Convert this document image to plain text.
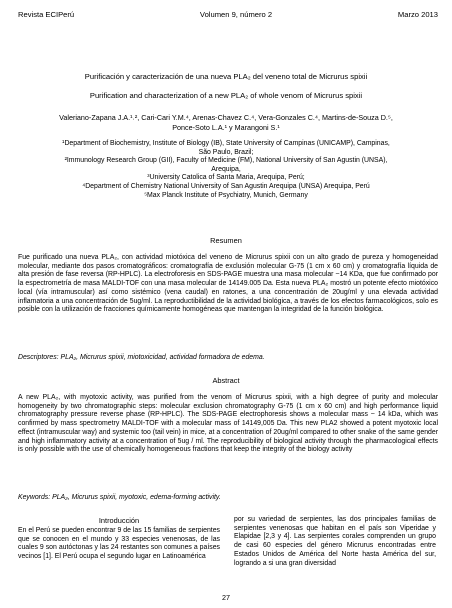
Revista ECIPerú	Volumen 9, número 2	Marzo 2013
Purificación y caracterización de una nueva PLA₂ del veneno total de Micrurus spixii
Purification and characterization of a new PLA₂ of whole venom of Micrurus spixii
Valeriano-Zapana J.A.¹˒², Cari-Cari Y.M.⁴, Arenas-Chavez C.⁴, Vera-Gonzales C.⁴, Martins-de-Souza D.⁵,
Ponce-Soto L.A.¹ y Marangoni S.¹
¹Department of Biochemistry, Institute of Biology (IB), State University of Campinas (UNICAMP), Campinas,
São Paulo, Brazil;
²Immunology Research Group (GII), Faculty of Medicine (FM), National University of San Agustin (UNSA),
Arequipa,
³University Catolica of Santa Maria, Arequipa, Perú;
⁴Department of Chemistry National University of San Agustin Arequipa (UNSA) Arequipa, Perú
⁵Max Planck Institute of Psychiatry, Munich, Germany
Resumen

Fue purificado una nueva PLA₂, con actividad miotóxica del veneno de Micrurus spixii con un alto grado de pureza y homogeneidad molecular, mediante dos pasos cromatográficos: cromatografía de exclusión molecular G-75 (1 cm x 60 cm) y cromatografía líquida de alta presión de fase reversa (RP-HPLC). La electroforesis en SDS-PAGE muestra una masa molecular ~14 KDa, que fue confirmado por la espectrometría de masa MALDI-TOF con una masa molecular de 14149.005 Da. Esta nueva PLA₂ mostró un potente efecto miotóxico local (vía intramuscular) así como sistémico (vena caudal) en ratones, a una concentración de 20ug/ml y una elevada actividad inflamatoria a una concentración de 5ug/ml. La reproductibilidad de la actividad biológica, a través de los efectos farmacológicos, solo es posible con la utilización de fracciones químicamente homogéneas que mantengan la integridad de la función biológica.

Descriptores: PLA₂, Micrurus spixii, miotoxicidad, actividad formadora de edema.
Abstract

A new PLA₂, with myotoxic activity, was purified from the venom of Micrurus spixii, with a high degree of purity and molecular homogeneity by two chromatographic steps: molecular exclusion chromatography G-75 (1 cm x 60 cm) and high performance liquid chromatography pressure reverse phase (RP-HPLC). The SDS-PAGE electrophoresis shows a molecular mass ~ 14 kDa, which was confirmed by mass spectrometry MALDI-TOF with a molecular mass of 14149,005 Da. This new PLA2 showed a potent myotoxic local effect (intramuscular way) and systemic too (tail vein) in mice, at a concentration of 20ug/ml compared to other snake of the same gender and high inflammatory activity at a concentration of 5ug / ml. The reproducibility of biological activity through the pharmacological effects is only possible with the use of chemically homogeneous fractions that keep the integrity of the biology activity

Keywords: PLA₂, Micrurus spixii, myotoxic, edema-forming activity.
Introducción

En el Perú se pueden encontrar 9 de las 15 familias de serpientes que se conocen en el mundo y 33 especies venenosas, de las cuales 9 son autóctonas y las 24 restantes son comunes a países vecinos [1]. El Perú ocupa el segundo lugar en Latinoamérica

por su variedad de serpientes, las dos principales familias de serpientes venenosas que habitan en el país son Viperidae y Elapidae [2,3 y 4]. Las serpientes corales comprenden un grupo de casi 60 especies del género Micrurus encontradas entre Estados Unidos de América del Norte hasta América del sur, logrando a si una gran diversidad

27
